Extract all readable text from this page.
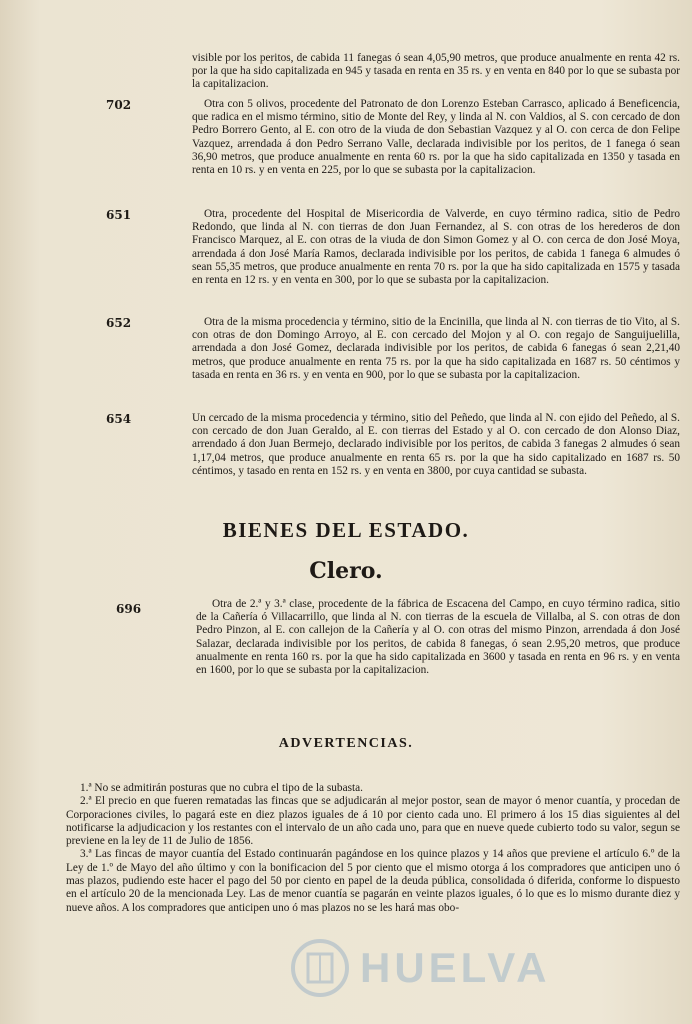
visible por los peritos, de cabida 11 fanegas ó sean 4,05,90 metros, que produce anualmente en renta 42 rs. por la que ha sido capitalizada en 945 y tasada en renta en 35 rs. y en venta en 840 por lo que se subasta por la capitalizacion.
702	Otra con 5 olivos, procedente del Patronato de don Lorenzo Esteban Carrasco, aplicado á Beneficencia, que radica en el mismo término, sitio de Monte del Rey, y linda al N. con Valdios, al S. con cercado de don Pedro Borrero Gento, al E. con otro de la viuda de don Sebastian Vazquez y al O. con cerca de don Felipe Vazquez, arrendada á don Pedro Serrano Valle, declarada indivisible por los peritos, de 1 fanega ó sean 36,90 metros, que produce anualmente en renta 60 rs. por la que ha sido capitalizada en 1350 y tasada en renta en 10 rs. y en venta en 225, por lo que se subasta por la capitalizacion.
651	Otra, procedente del Hospital de Misericordia de Valverde, en cuyo término radica, sitio de Pedro Redondo, que linda al N. con tierras de don Juan Fernandez, al S. con otras de los herederos de don Francisco Marquez, al E. con otras de la viuda de don Simon Gomez y al O. con cerca de don José Moya, arrendada á don José María Ramos, declarada indivisible por los peritos, de cabida 1 fanega 6 almudes ó sean 55,35 metros, que produce anualmente en renta 70 rs. por la que ha sido capitalizada en 1575 y tasada en renta en 12 rs. y en venta en 300, por lo que se subasta por la capitalizacion.
652	Otra de la misma procedencia y término, sitio de la Encinilla, que linda al N. con tierras de tio Vito, al S. con otras de don Domingo Arroyo, al E. con cercado del Mojon y al O. con regajo de Sanguijuelilla, arrendada a don José Gomez, declarada indivisible por los peritos, de cabida 6 fanegas ó sean 2,21,40 metros, que produce anualmente en renta 75 rs. por la que ha sido capitalizada en 1687 rs. 50 céntimos y tasada en renta en 36 rs. y en venta en 900, por lo que se subasta por la capitalizacion.
654	Un cercado de la misma procedencia y término, sitio del Peñedo, que linda al N. con ejido del Peñedo, al S. con cercado de don Juan Geraldo, al E. con tierras del Estado y al O. con cercado de don Alonso Diaz, arrendado á don Juan Bermejo, declarado indivisible por los peritos, de cabida 3 fanegas 2 almudes ó sean 1,17,04 metros, que produce anualmente en renta 65 rs. por la que ha sido capitalizado en 1687 rs. 50 céntimos, y tasado en renta en 152 rs. y en venta en 3800, por cuya cantidad se subasta.
BIENES DEL ESTADO.
Clero.
696	Otra de 2.ª y 3.ª clase, procedente de la fábrica de Escacena del Campo, en cuyo término radica, sitio de la Cañería ó Villacarrillo, que linda al N. con tierras de la escuela de Villalba, al S. con otras de don Pedro Pinzon, al E. con callejon de la Cañería y al O. con otras del mismo Pinzon, arrendada á don José Salazar, declarada indivisible por los peritos, de cabida 8 fanegas, ó sean 2.95,20 metros, que produce anualmente en renta 160 rs. por la que ha sido capitalizada en 3600 y tasada en renta en 96 rs. y en venta en 1600, por lo que se subasta por la capitalizacion.
ADVERTENCIAS.

1.ª No se admitirán posturas que no cubra el tipo de la subasta.

2.ª El precio en que fueren rematadas las fincas que se adjudicarán al mejor postor, sean de mayor ó menor cuantía, y procedan de Corporaciones civiles, lo pagará este en diez plazos iguales de á 10 por ciento cada uno. El primero á los 15 dias siguientes al del notificarse la adjudicacion y los restantes con el intervalo de un año cada uno, para que en nueve quede cubierto todo su valor, segun se previene en la ley de 11 de Julio de 1856.

3.ª Las fincas de mayor cuantía del Estado continuarán pagándose en los quince plazos y 14 años que previene el artículo 6.º de la Ley de 1.º de Mayo del año último y con la bonificacion del 5 por ciento que el mismo otorga á los compradores que anticipen uno ó mas plazos, pudiendo este hacer el pago del 50 por ciento en papel de la deuda pública, consolidada ó diferida, conforme lo dispuesto en el artículo 20 de la mencionada Ley. Las de menor cuantía se pagarán en veinte plazos iguales, ó lo que es lo mismo durante diez y nueve años. A los compradores que anticipen uno ó mas plazos no se les hará mas obo-

HUELVA
